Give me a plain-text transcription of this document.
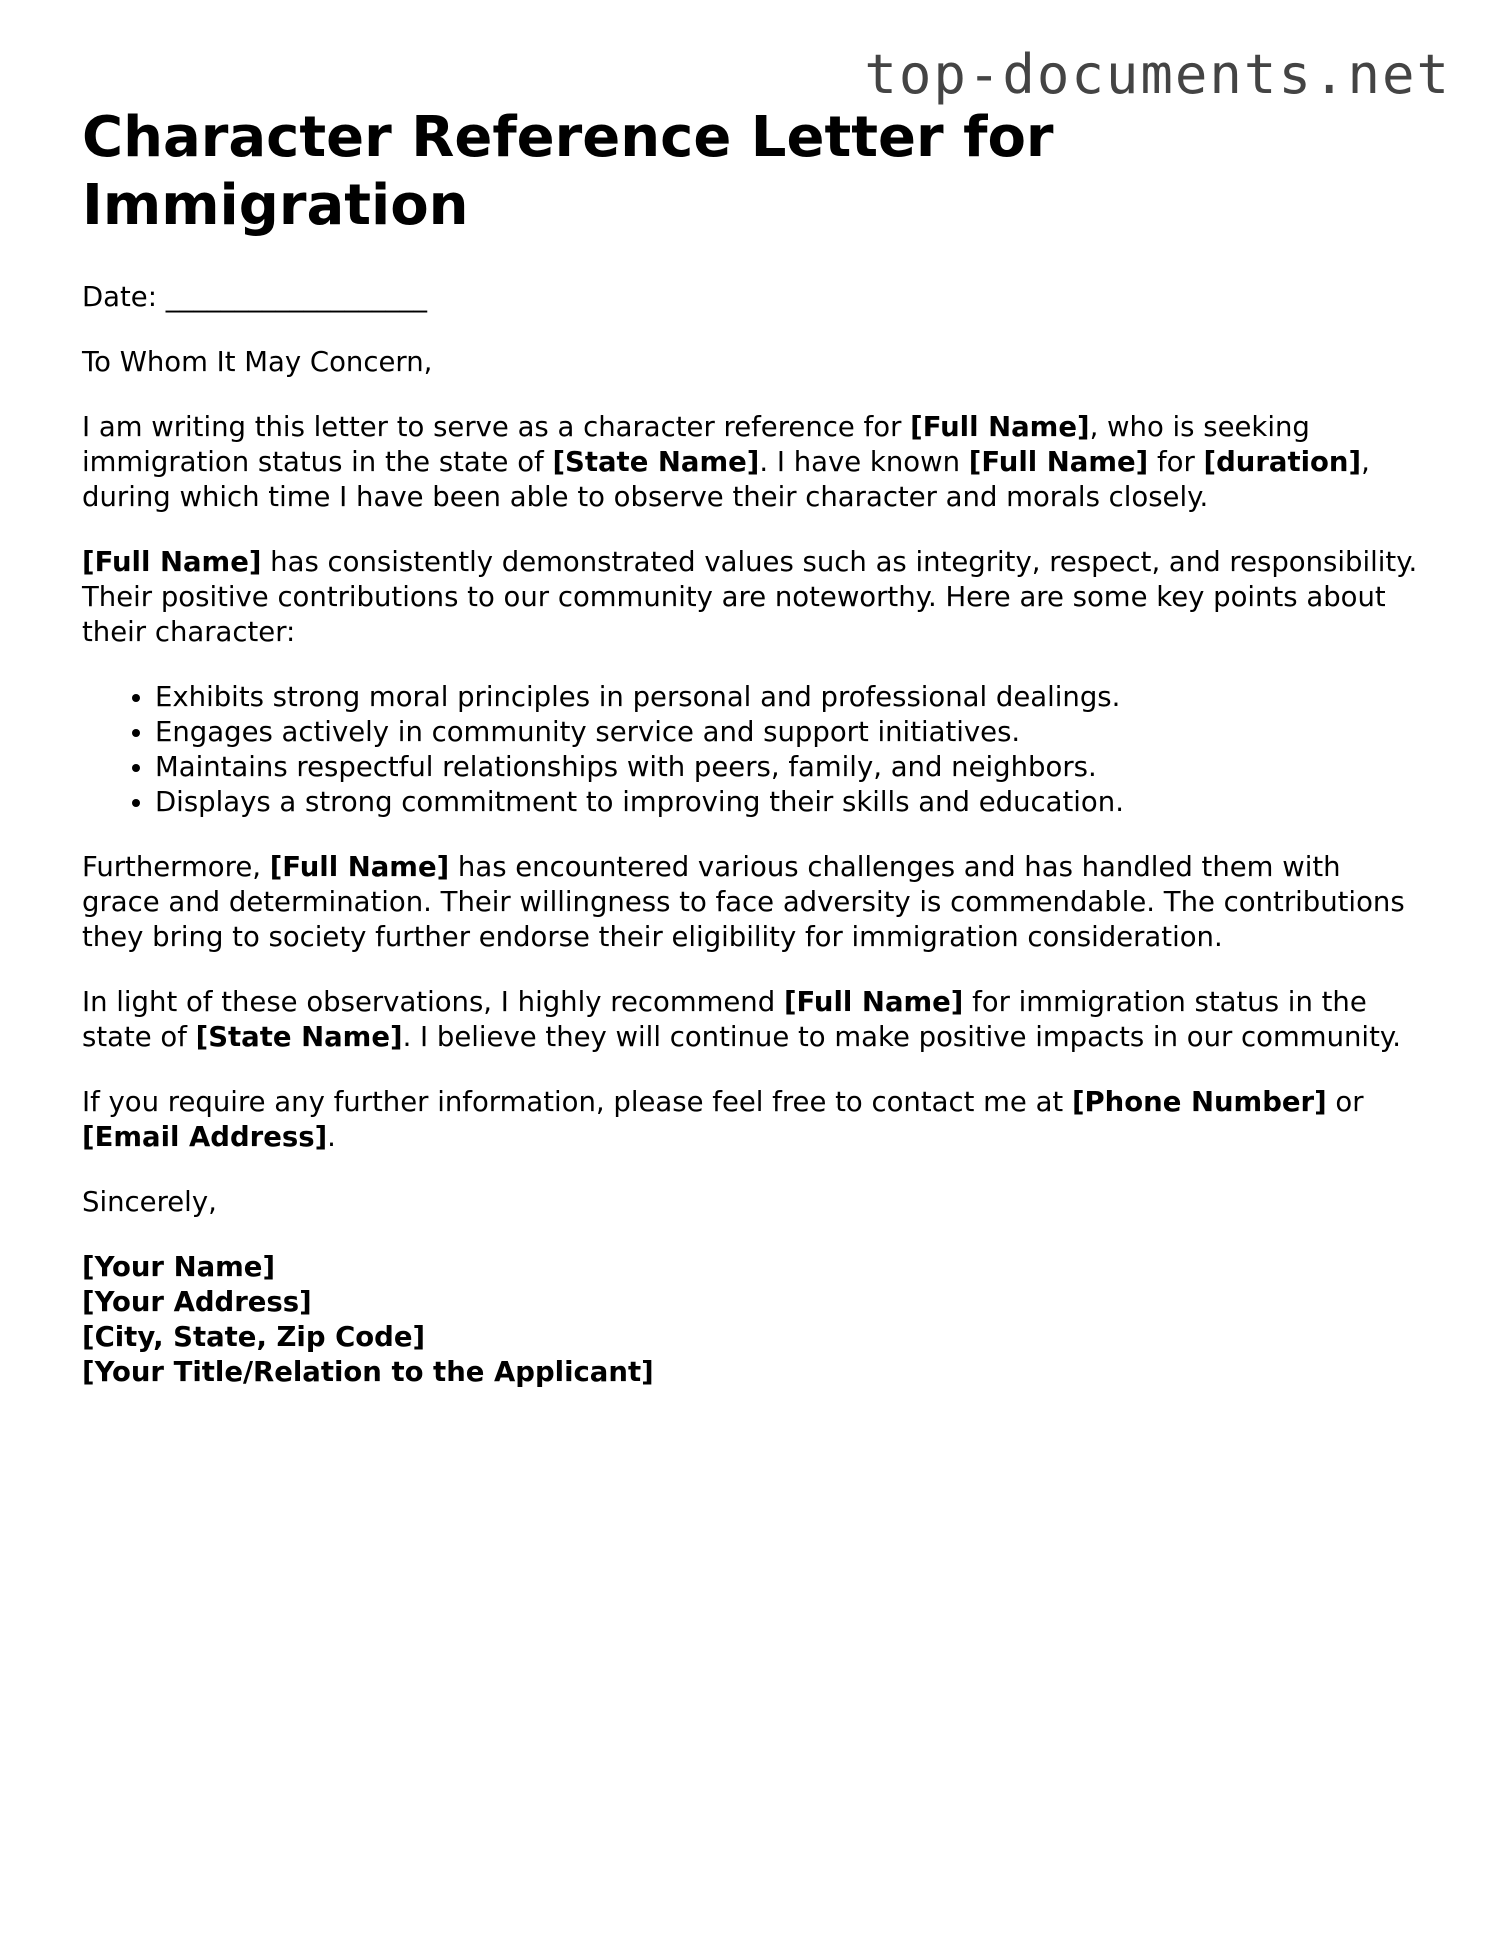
top-documents.net
Character Reference Letter for Immigration

Date: ___________________

To Whom It May Concern,

I am writing this letter to serve as a character reference for [Full Name], who is seeking immigration status in the state of [State Name]. I have known [Full Name] for [duration], during which time I have been able to observe their character and morals closely.

[Full Name] has consistently demonstrated values such as integrity, respect, and responsibility. Their positive contributions to our community are noteworthy. Here are some key points about their character:

• Exhibits strong moral principles in personal and professional dealings.
• Engages actively in community service and support initiatives.
• Maintains respectful relationships with peers, family, and neighbors.
• Displays a strong commitment to improving their skills and education.

Furthermore, [Full Name] has encountered various challenges and has handled them with grace and determination. Their willingness to face adversity is commendable. The contributions they bring to society further endorse their eligibility for immigration consideration.

In light of these observations, I highly recommend [Full Name] for immigration status in the state of [State Name]. I believe they will continue to make positive impacts in our community.

If you require any further information, please feel free to contact me at [Phone Number] or [Email Address].

Sincerely,

[Your Name]
[Your Address]
[City, State, Zip Code]
[Your Title/Relation to the Applicant]
